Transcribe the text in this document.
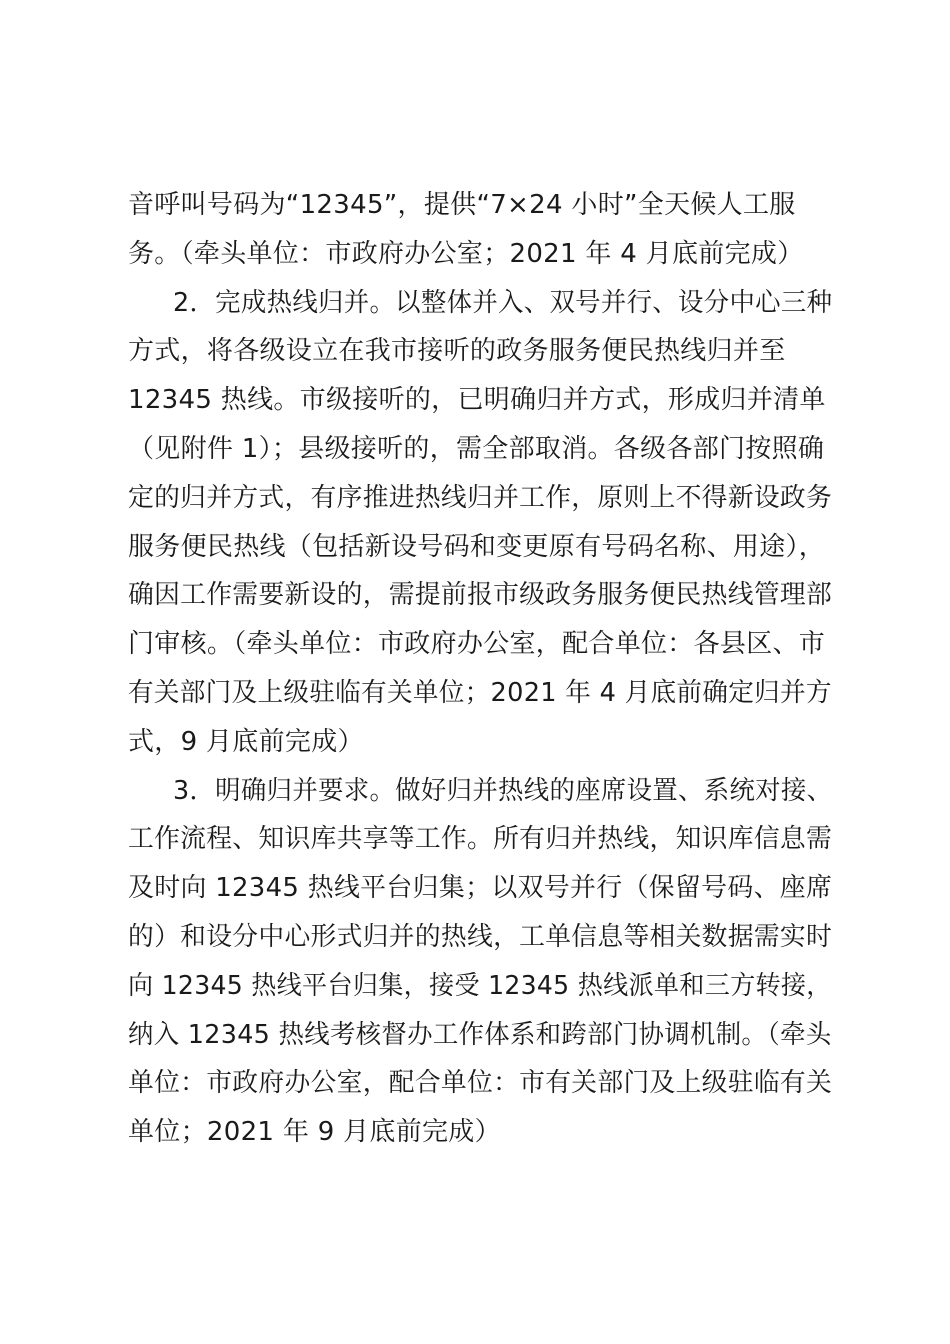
音呼叫号码为“12345”，提供“7×24 小时”全天候人工服
务。（牵头单位：市政府办公室；2021 年 4 月底前完成）
2．完成热线归并。以整体并入、双号并行、设分中心三种
方式，将各级设立在我市接听的政务服务便民热线归并至
12345 热线。市级接听的，已明确归并方式，形成归并清单
（见附件 1）；县级接听的，需全部取消。各级各部门按照确
定的归并方式，有序推进热线归并工作，原则上不得新设政务
服务便民热线（包括新设号码和变更原有号码名称、用途），
确因工作需要新设的，需提前报市级政务服务便民热线管理部
门审核。（牵头单位：市政府办公室，配合单位：各县区、市
有关部门及上级驻临有关单位；2021 年 4 月底前确定归并方
式，9 月底前完成）
3．明确归并要求。做好归并热线的座席设置、系统对接、
工作流程、知识库共享等工作。所有归并热线，知识库信息需
及时向 12345 热线平台归集；以双号并行（保留号码、座席
的）和设分中心形式归并的热线，工单信息等相关数据需实时
向 12345 热线平台归集，接受 12345 热线派单和三方转接，
纳入 12345 热线考核督办工作体系和跨部门协调机制。（牵头
单位：市政府办公室，配合单位：市有关部门及上级驻临有关
单位；2021 年 9 月底前完成）
